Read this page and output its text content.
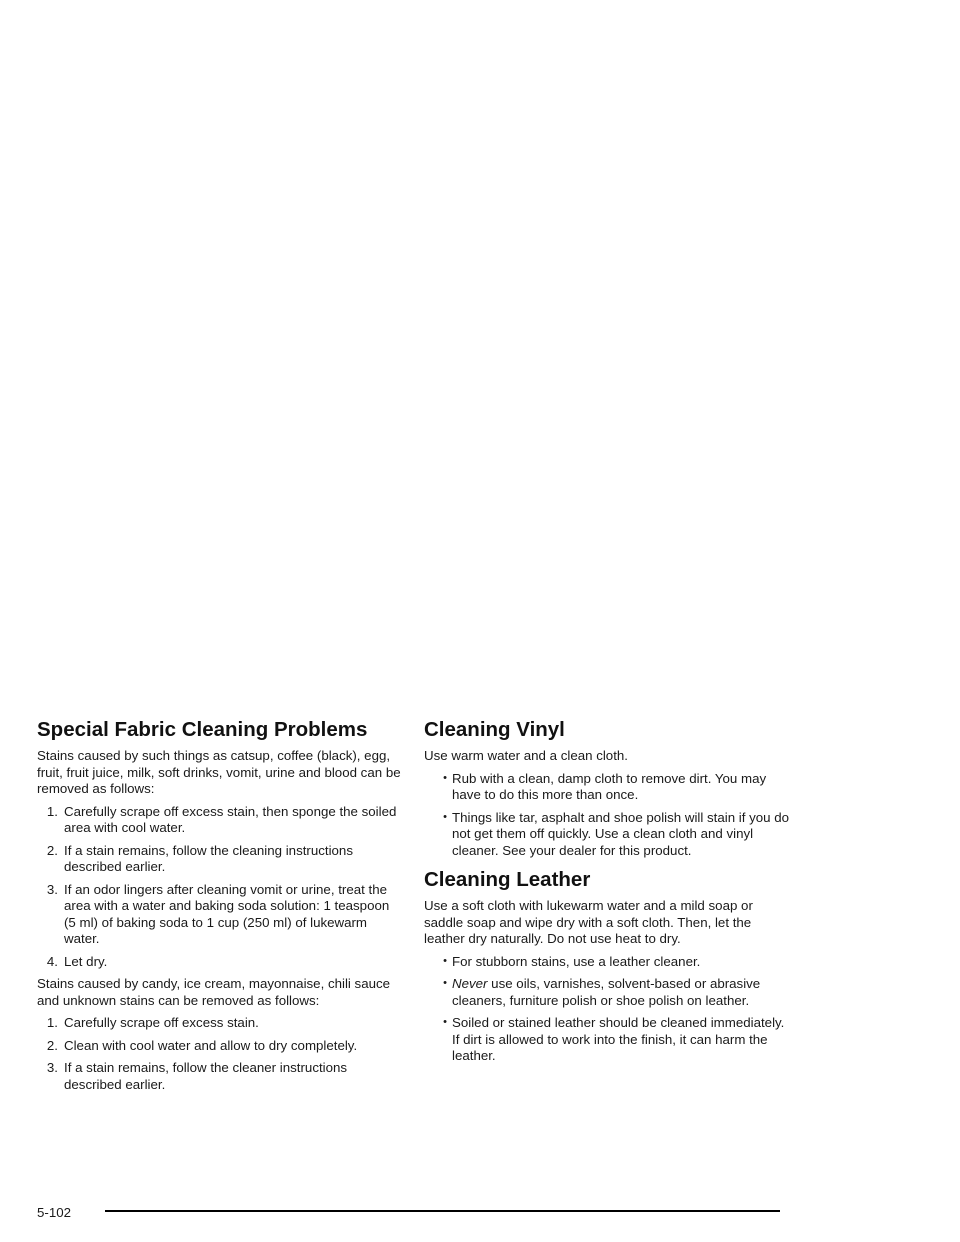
Special Fabric Cleaning Problems

Stains caused by such things as catsup, coffee (black), egg, fruit, fruit juice, milk, soft drinks, vomit, urine and blood can be removed as follows:

1. Carefully scrape off excess stain, then sponge the soiled area with cool water.
2. If a stain remains, follow the cleaning instructions described earlier.
3. If an odor lingers after cleaning vomit or urine, treat the area with a water and baking soda solution: 1 teaspoon (5 ml) of baking soda to 1 cup (250 ml) of lukewarm water.
4. Let dry.

Stains caused by candy, ice cream, mayonnaise, chili sauce and unknown stains can be removed as follows:

1. Carefully scrape off excess stain.
2. Clean with cool water and allow to dry completely.
3. If a stain remains, follow the cleaner instructions described earlier.
Cleaning Vinyl

Use warm water and a clean cloth.

• Rub with a clean, damp cloth to remove dirt. You may have to do this more than once.
• Things like tar, asphalt and shoe polish will stain if you do not get them off quickly. Use a clean cloth and vinyl cleaner. See your dealer for this product.
Cleaning Leather

Use a soft cloth with lukewarm water and a mild soap or saddle soap and wipe dry with a soft cloth. Then, let the leather dry naturally. Do not use heat to dry.

• For stubborn stains, use a leather cleaner.
• Never use oils, varnishes, solvent-based or abrasive cleaners, furniture polish or shoe polish on leather.
• Soiled or stained leather should be cleaned immediately. If dirt is allowed to work into the finish, it can harm the leather.
5-102
